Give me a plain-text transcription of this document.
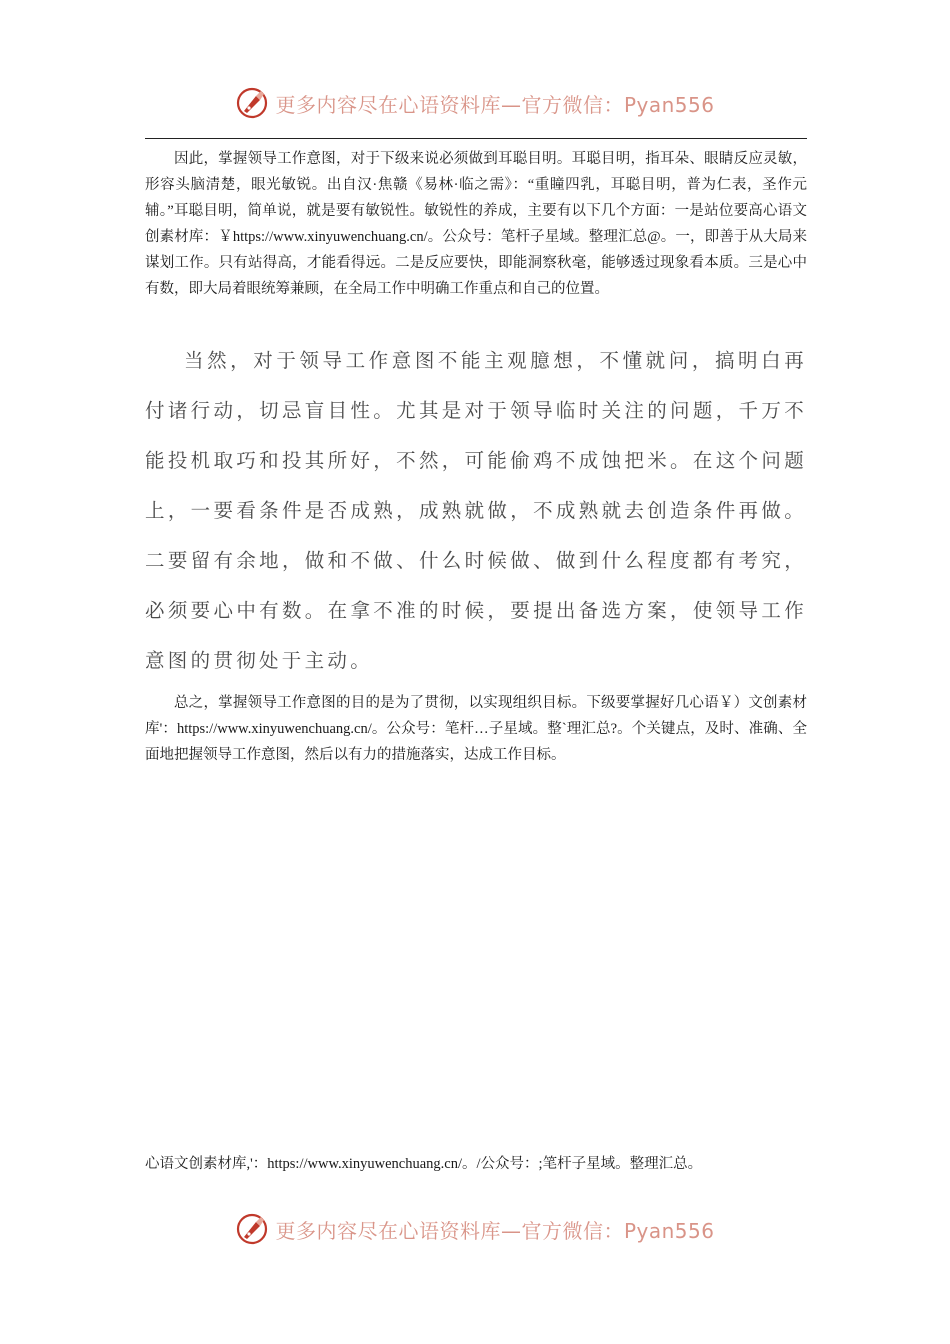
更多内容尽在心语资料库—官方微信：Pyan556

因此，掌握领导工作意图，对于下级来说必须做到耳聪目明。耳聪目明，指耳朵、眼睛反应灵敏，形容头脑清楚，眼光敏锐。出自汉·焦赣《易林·临之需》：“重瞳四乳，耳聪目明，普为仁表，圣作元辅。”耳聪目明，简单说，就是要有敏锐性。敏锐性的养成，主要有以下几个方面：一是站位要高心语文创素材库：￥https://www.xinyuwenchuang.cn/。公众号：笔杆子星域。整理汇总@。一，即善于从大局来谋划工作。只有站得高，才能看得远。二是反应要快，即能洞察秋毫，能够透过现象看本质。三是心中有数，即大局着眼统筹兼顾，在全局工作中明确工作重点和自己的位置。

当然，对于领导工作意图不能主观臆想，不懂就问，搞明白再付诸行动，切忌盲目性。尤其是对于领导临时关注的问题，千万不能投机取巧和投其所好，不然，可能偷鸡不成蚀把米。在这个问题上，一要看条件是否成熟，成熟就做，不成熟就去创造条件再做。二要留有余地，做和不做、什么时候做、做到什么程度都有考究，必须要心中有数。在拿不准的时候，要提出备选方案，使领导工作意图的贯彻处于主动。

总之，掌握领导工作意图的目的是为了贯彻，以实现组织目标。下级要掌握好几心语￥）文创素材库'：https://www.xinyuwenchuang.cn/。公众号：笔杆…子星域。整`理汇总?。个关键点，及时、准确、全面地把握领导工作意图，然后以有力的措施落实，达成工作目标。

心语文创素材库,'：https://www.xinyuwenchuang.cn/。/公众号：;笔杆子星域。整理汇总。

更多内容尽在心语资料库—官方微信：Pyan556
